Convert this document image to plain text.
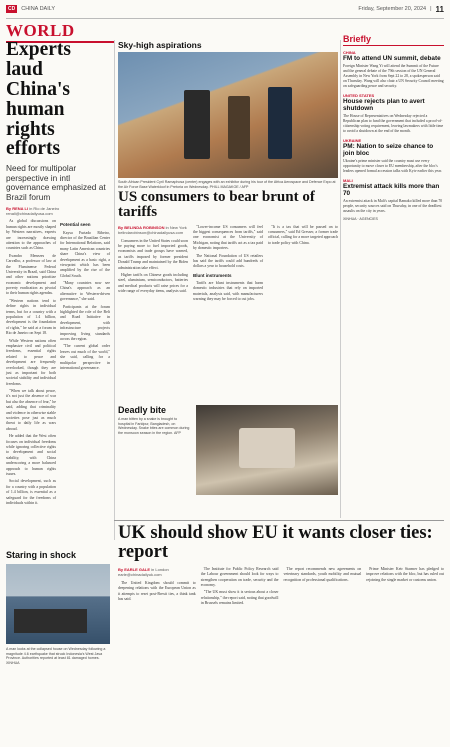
CD	CHINA DAILY	Friday, September 20, 2024 | 11
WORLD
Experts laud China's human rights efforts
Need for multipolar perspective in intl governance emphasized at Brazil forum
By RENA LI in Rio de Janeiro
renali@chinadailyusa.com

As global discussions on human rights are mostly shaped by Western narratives, experts are increasingly drawing attention to the approaches of countries such as China.

Evandro Menezes de Carvalho, a professor of law at the Fluminense Federal University in Brazil, said China and other nations prioritize economic development and poverty eradication as pivotal to their human rights agendas.

"Western nations tend to define rights in individual terms, but for a country with a population of 1.4 billion, development is the foundation of rights," he said at a forum in Rio de Janeiro on Sept 18.

While Western nations often emphasize civil and political freedoms, essential rights related to peace and development are frequently overlooked, though they are just as important for both societal stability and individual freedoms.

"When we talk about peace, it's not just the absence of war but also the absence of fear," he said, adding that criminality and violence in otherwise stable societies pose just as much threat to daily life as wars abroad.

He added that the West often focuses on individual freedoms while ignoring collective rights to development and social stability, with China underscoring a more balanced approach to human rights issues.

Social development, such as for a country with a population of 1.4 billion, is essential as a safeguard for the freedoms of individuals within it.

Potential seen

Kaysa Furtado Ribeiro, director of the Brazilian Center for International Relations, said many Latin American countries share China's view of development as a basic right, a viewpoint which has been amplified by the rise of the Global South.

"Many countries now see China's approach as an alternative to Western-driven governance," she said.

Participants at the forum highlighted the role of the Belt and Road Initiative in development, with infrastructure projects improving living standards across the region.

"The current global order leaves out much of the world," she said, calling for a multipolar perspective in international governance.

Sky-high aspirations
South African President Cyril Ramaphosa (center) engages with an exhibitor during his tour of the Africa Aerospace and Defence Expo at the Air Force Base Waterkloof in Pretoria on Wednesday. PHILL MAGAKOE / AFP
US consumers to bear brunt of tariffs
By BELINDA ROBINSON in New York
belindarobinson@chinadailyusa.com

Consumers in the United States could soon be paying more to fuel imported goods, economists and trade groups have warned, as tariffs imposed by former president Donald Trump and maintained by the Biden administration take effect.

Higher tariffs on Chinese goods including steel, aluminium, semiconductors, batteries and medical products will raise prices for a wide range of everyday items, analysts said.

"Lower-income US consumers will feel the biggest consequences from tariffs," said one economist at the University of Michigan, noting that tariffs act as a tax paid by domestic importers.

The National Foundation of US retailers has said the tariffs could add hundreds of dollars a year to household costs.

Blunt instruments

Tariffs are blunt instruments that harm domestic industries that rely on imported materials, analysts said, with manufacturers warning they may be forced to cut jobs.

"It is a tax that will be passed on to consumers," said Ed Gresser, a former trade official, calling for a more targeted approach to trade policy with China.

Deadly bite
A man bitten by a snake is brought to hospital in Faridpur, Bangladesh, on Wednesday. Snake bites are common during the monsoon season in the region. AFP
Staring in shock
A man looks at the collapsed house on Wednesday following a magnitude 4.6 earthquake that struck Indonesia's West Java Province. Authorities reported at least 81 damaged homes. XINHUA
UK should show EU it wants closer ties: report
By EARLE GALE in London
earle@chinadailyuk.com

The United Kingdom should commit to deepening relations with the European Union as it attempts to reset post-Brexit ties, a think tank has said.

The Institute for Public Policy Research said the Labour government should look for ways to strengthen cooperation on trade, security and the economy.

"The UK must show it is serious about a closer relationship," the report said, noting that goodwill in Brussels remains limited.

The report recommends new agreements on veterinary standards, youth mobility and mutual recognition of professional qualifications.

Prime Minister Keir Starmer has pledged to improve relations with the bloc, but has ruled out rejoining the single market or customs union.

Briefly
CHINA
FM to attend UN summit, debate
Foreign Minister Wang Yi will attend the Summit of the Future and the general debate of the 79th session of the UN General Assembly in New York from Sept 22 to 28, a spokesperson said on Thursday. Wang will also chair a UN Security Council meeting on safeguarding peace and security.
UNITED STATES
House rejects plan to avert shutdown
The House of Representatives on Wednesday rejected a Republican plan to fund the government that included a proof-of-citizenship voting requirement, leaving lawmakers with little time to avoid a shutdown at the end of the month.
UKRAINE
PM: Nation to seize chance to join bloc
Ukraine's prime minister said the country must use every opportunity to move closer to EU membership, after the bloc's leaders opened formal accession talks with Kyiv earlier this year.
MALI
Extremist attack kills more than 70
An extremist attack in Mali's capital Bamako killed more than 70 people, security sources said on Thursday, in one of the deadliest assaults on the city in years.
XINHUA · AGENCIES
